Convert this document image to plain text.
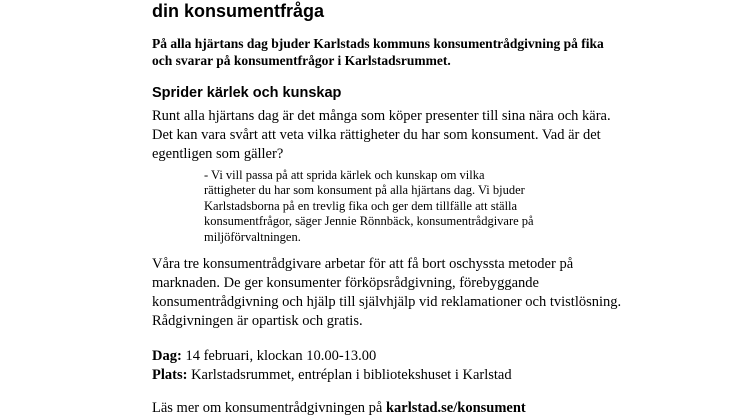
din konsumentfråga

På alla hjärtans dag bjuder Karlstads kommuns konsumentrådgivning på fika och svarar på konsumentfrågor i Karlstadsrummet.

Sprider kärlek och kunskap

Runt alla hjärtans dag är det många som köper presenter till sina nära och kära. Det kan vara svårt att veta vilka rättigheter du har som konsument. Vad är det egentligen som gäller?

- Vi vill passa på att sprida kärlek och kunskap om vilka rättigheter du har som konsument på alla hjärtans dag. Vi bjuder Karlstadsborna på en trevlig fika och ger dem tillfälle att ställa konsumentfrågor, säger Jennie Rönnbäck, konsumentrådgivare på miljöförvaltningen.

Våra tre konsumentrådgivare arbetar för att få bort oschyssta metoder på marknaden. De ger konsumenter förköpsrådgivning, förebyggande konsumentrådgivning och hjälp till självhjälp vid reklamationer och tvistlösning. Rådgivningen är opartisk och gratis.

Dag: 14 februari, klockan 10.00-13.00

Plats: Karlstadsrummet, entréplan i bibliotekshuset i Karlstad

Läs mer om konsumentrådgivningen på karlstad.se/konsument
